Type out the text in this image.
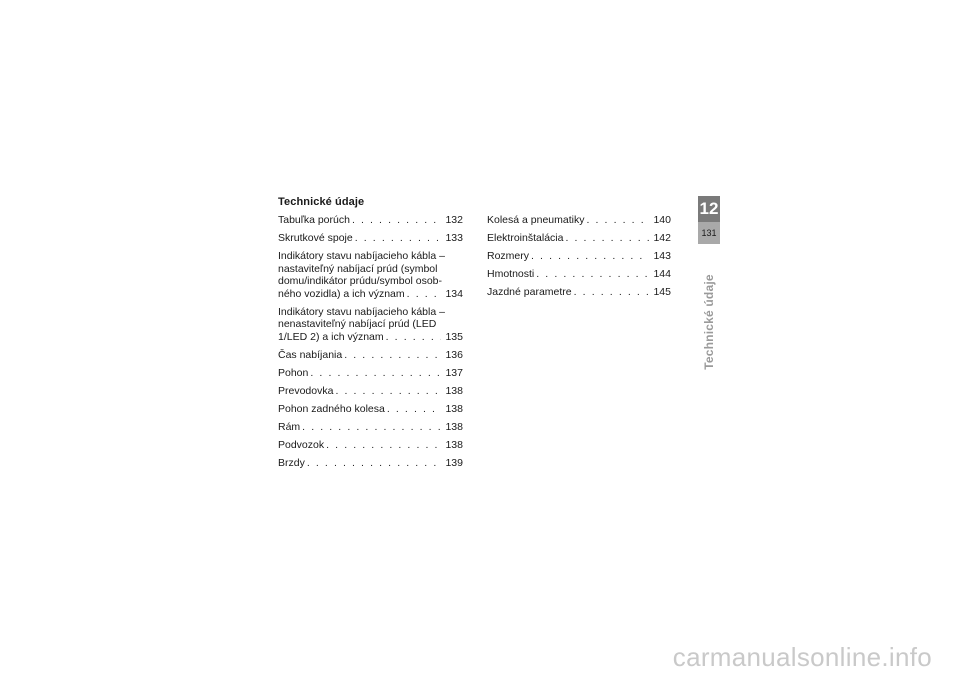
Technické údaje
Tabuľka porúch . . .	132
Skrutkové spoje . . .	133
Indikátory stavu nabíjacieho kábla –
nastaviteľný nabíjací prúd (symbol
domu/indikátor prúdu/symbol osob-
ného vozidla) a ich význam . . .	134
Indikátory stavu nabíjacieho kábla –
nenastaviteľný nabíjací prúd (LED
1/LED 2) a ich význam . . .	135
Čas nabíjania . . .	136
Pohon . . .	137
Prevodovka . . .	138
Pohon zadného kolesa . . .	138
Rám . . .	138
Podvozok . . .	138
Brzdy . . .	139
Kolesá a pneumatiky . . .	140
Elektroinštalácia . . .	142
Rozmery . . .	143
Hmotnosti . . .	144
Jazdné parametre . . .	145
12
131
Technické údaje
carmanualsonline.info
